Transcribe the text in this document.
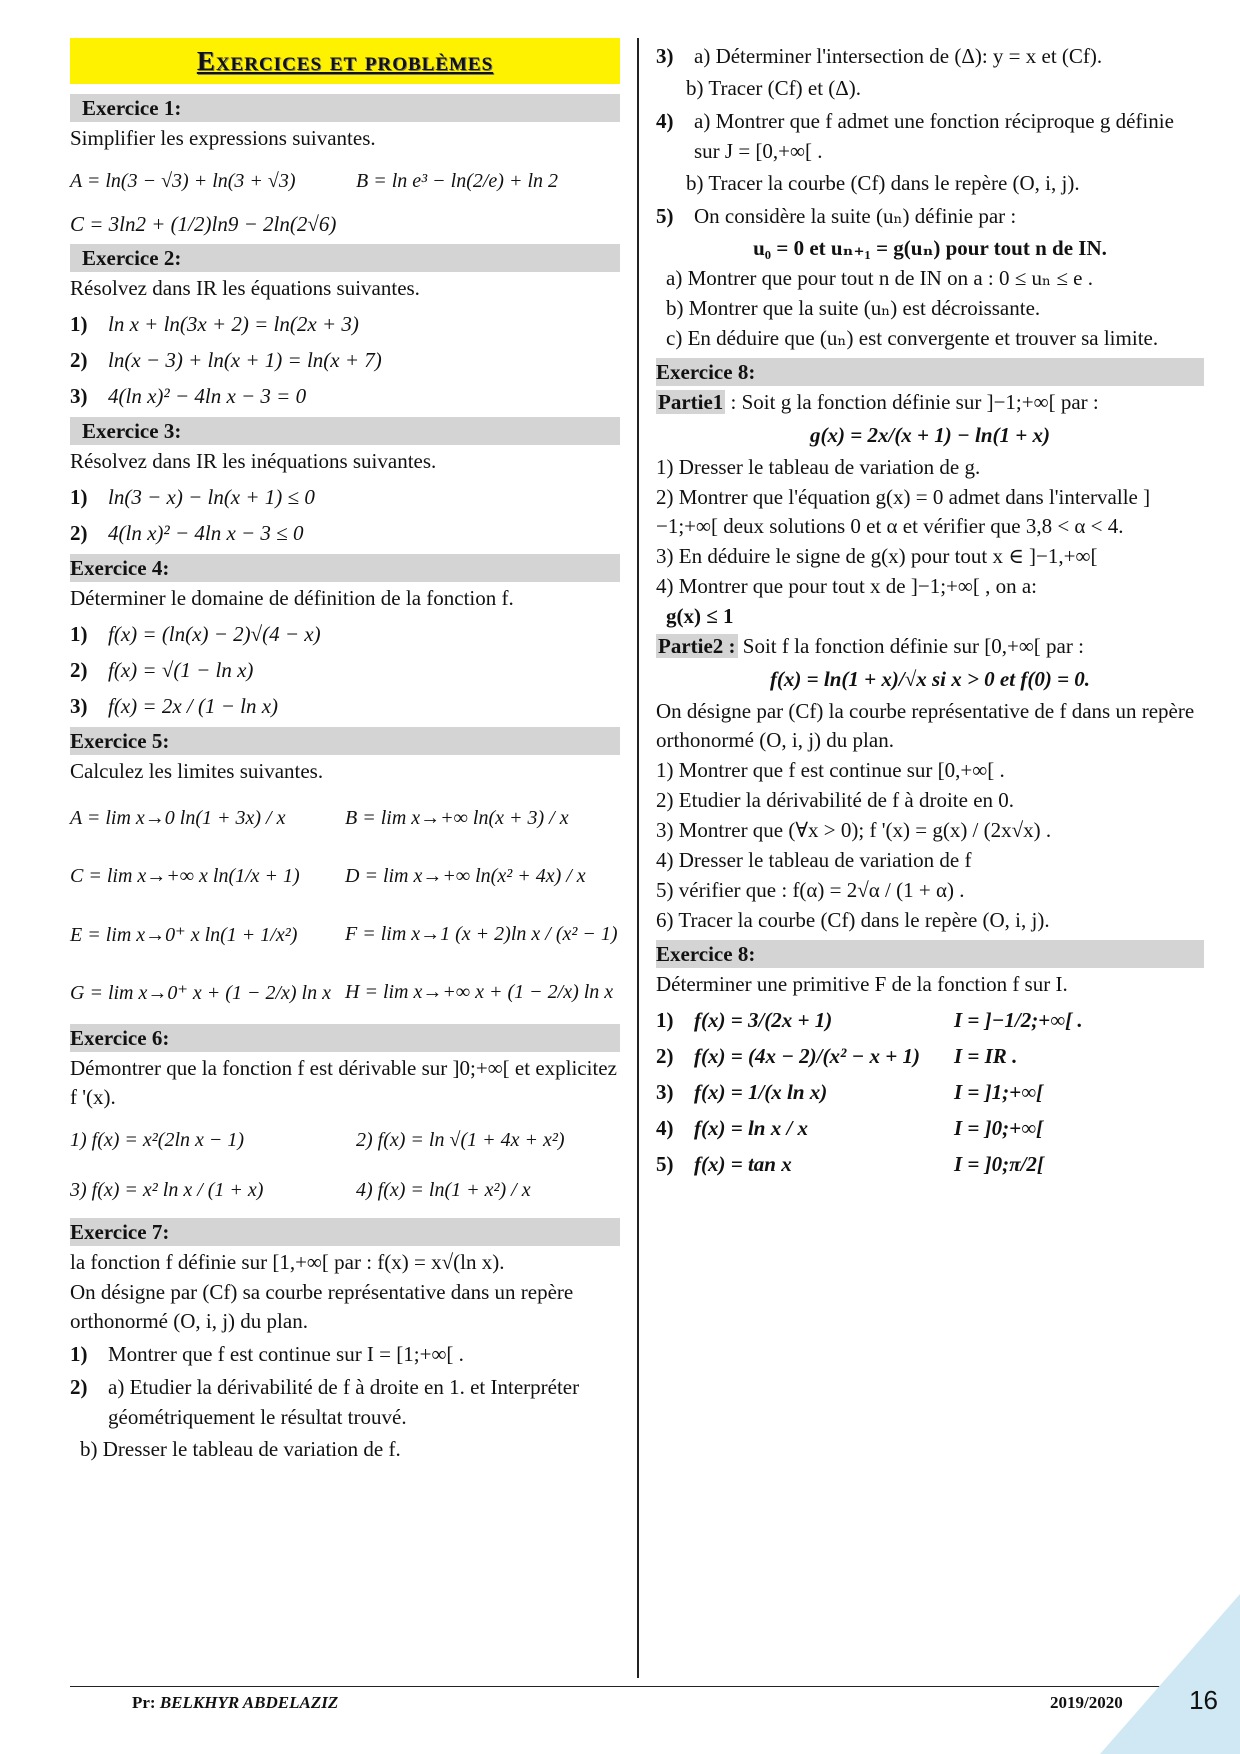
Exercices et problèmes
Exercice 1:
Simplifier les expressions suivantes.
A = ln(3 − √3) + ln(3 + √3)	B = ln e³ − ln(2/e) + ln 2
C = 3ln2 + (1/2)ln9 − 2ln(2√6)
Exercice 2:
Résolvez dans IR les équations suivantes.
1) ln x + ln(3x + 2) = ln(2x + 3)
2) ln(x − 3) + ln(x + 1) = ln(x + 7)
3) 4(ln x)² − 4ln x − 3 = 0
Exercice 3:
Résolvez dans IR les inéquations suivantes.
1) ln(3 − x) − ln(x + 1) ≤ 0
2) 4(ln x)² − 4ln x − 3 ≤ 0
Exercice 4:
Déterminer le domaine de définition de la fonction f.
1) f(x) = (ln(x) − 2)√(4 − x)
2) f(x) = √(1 − ln x)
3) f(x) = 2x / (1 − ln x)
Exercice 5:
Calculez les limites suivantes.
A = lim x→0 ln(1 + 3x) / x	B = lim x→+∞ ln(x + 3) / x
C = lim x→+∞ x ln(1/x + 1)	D = lim x→+∞ ln(x² + 4x) / x
E = lim x→0⁺ x ln(1 + 1/x²)	F = lim x→1 (x + 2)ln x / (x² − 1)
G = lim x→0⁺ x + (1 − 2/x) ln x H = lim x→+∞ x + (1 − 2/x) ln x
Exercice 6:
Démontrer que la fonction f est dérivable sur ]0;+∞[ et explicitez f '(x).
1) f(x) = x²(2ln x − 1)	2) f(x) = ln √(1 + 4x + x²)
3) f(x) = x² ln x / (1 + x)	4) f(x) = ln(1 + x²) / x
Exercice 7:
la fonction f définie sur [1,+∞[ par : f(x) = x√(ln x).
On désigne par (Cf) sa courbe représentative dans un repère orthonormé (O, i, j) du plan.
1) Montrer que f est continue sur I = [1;+∞[ .
2) a) Etudier la dérivabilité de f à droite en 1. et Interpréter géométriquement le résultat trouvé.
b) Dresser le tableau de variation de f.
3) a) Déterminer l'intersection de (Δ): y = x et (Cf).
b) Tracer (Cf) et (Δ).
4) a) Montrer que f admet une fonction réciproque g définie sur J = [0,+∞[ .
b) Tracer la courbe (Cf) dans le repère (O, i, j).
5) On considère la suite (uₙ) définie par :
u₀ = 0 et uₙ₊₁ = g(uₙ) pour tout n de IN.
a) Montrer que pour tout n de IN on a : 0 ≤ uₙ ≤ e .
b) Montrer que la suite (uₙ) est décroissante.
c) En déduire que (uₙ) est convergente et trouver sa limite.
Exercice 8:
Partie1 : Soit g la fonction définie sur ]−1;+∞[ par :
g(x) = 2x/(x + 1) − ln(1 + x)
1) Dresser le tableau de variation de g.
2) Montrer que l'équation g(x) = 0 admet dans l'intervalle ]−1;+∞[ deux solutions 0 et α et vérifier que 3,8 < α < 4.
3) En déduire le signe de g(x) pour tout x ∈ ]−1,+∞[
4) Montrer que pour tout x de ]−1;+∞[ , on a:
g(x) ≤ 1
Partie2 : Soit f la fonction définie sur [0,+∞[ par :
f(x) = ln(1 + x)/√x si x > 0 et f(0) = 0.
On désigne par (Cf) la courbe représentative de f dans un repère orthonormé (O, i, j) du plan.
1) Montrer que f est continue sur [0,+∞[ .
2) Etudier la dérivabilité de f à droite en 0.
3) Montrer que (∀x > 0); f '(x) = g(x) / (2x√x) .
4) Dresser le tableau de variation de f
5) vérifier que : f(α) = 2√α / (1 + α) .
6) Tracer la courbe (Cf) dans le repère (O, i, j).
Exercice 8:
Déterminer une primitive F de la fonction f sur I.
1) f(x) = 3/(2x + 1)	I = ]−1/2;+∞[ .
2) f(x) = (4x − 2)/(x² − x + 1)	I = IR .
3) f(x) = 1/(x ln x)	I = ]1;+∞[
4) f(x) = ln x / x	I = ]0;+∞[
5) f(x) = tan x	I = ]0;π/2[
Pr: BELKHYR ABDELAZIZ	2019/2020	16
